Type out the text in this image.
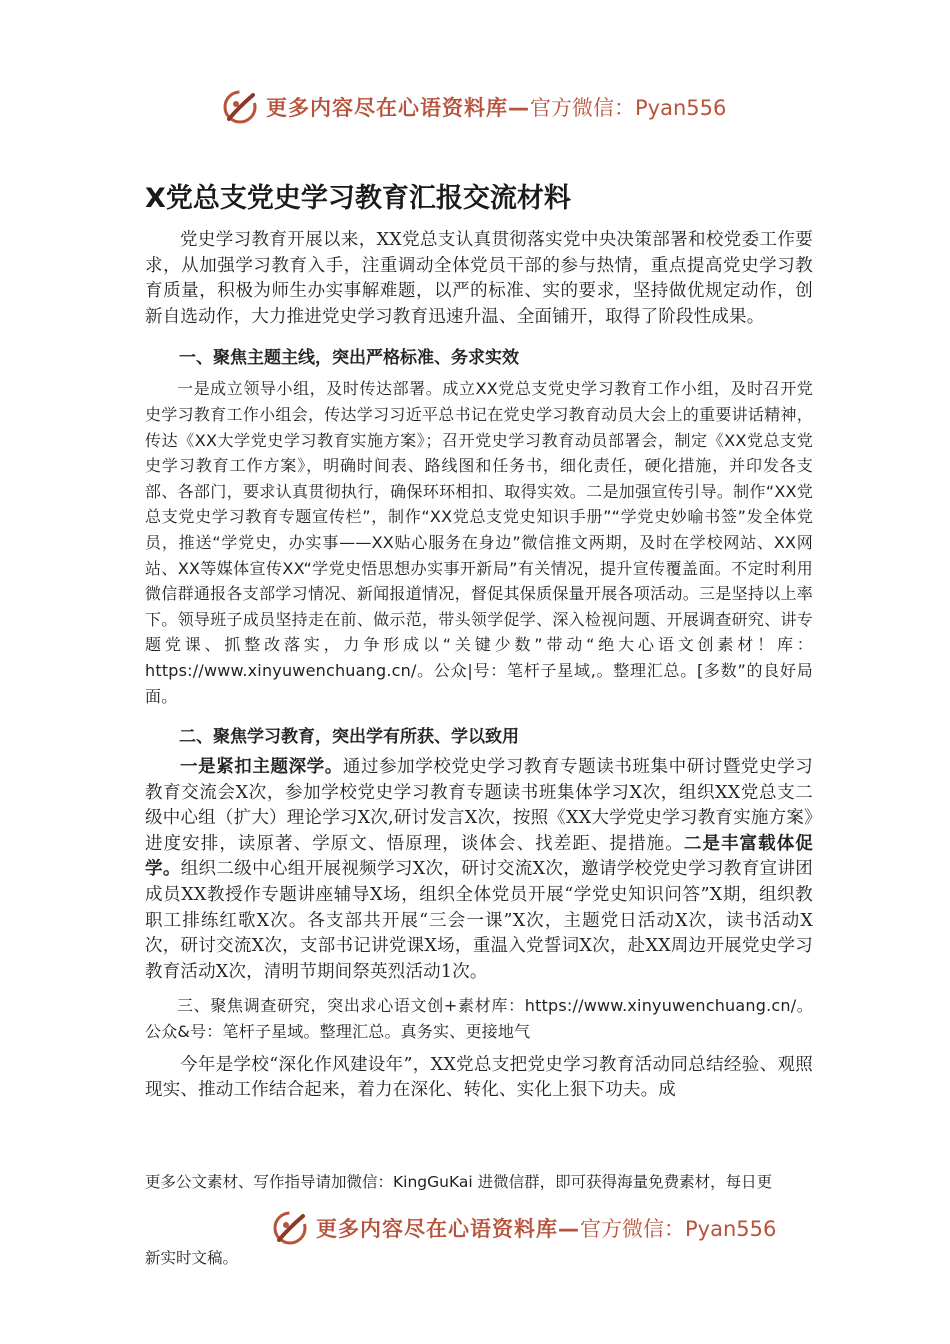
更多内容尽在心语资料库— 官方微信：Pyan556
X党总支党史学习教育汇报交流材料

党史学习教育开展以来，XX党总支认真贯彻落实党中央决策部署和校党委工作要求，从加强学习教育入手，注重调动全体党员干部的参与热情，重点提高党史学习教育质量，积极为师生办实事解难题，以严的标准、实的要求，坚持做优规定动作，创新自选动作，大力推进党史学习教育迅速升温、全面铺开，取得了阶段性成果。

一、聚焦主题主线，突出严格标准、务求实效

一是成立领导小组，及时传达部署。成立XX党总支党史学习教育工作小组，及时召开党史学习教育工作小组会，传达学习习近平总书记在党史学习教育动员大会上的重要讲话精神，传达《XX大学党史学习教育实施方案》；召开党史学习教育动员部署会，制定《XX党总支党史学习教育工作方案》，明确时间表、路线图和任务书，细化责任，硬化措施，并印发各支部、各部门，要求认真贯彻执行，确保环环相扣、取得实效。二是加强宣传引导。制作“XX党总支党史学习教育专题宣传栏”，制作“XX党总支党史知识手册”“学党史妙喻书签”发全体党员，推送“学党史，办实事——XX贴心服务在身边”微信推文两期，及时在学校网站、XX网站、XX等媒体宣传XX“学党史悟思想办实事开新局”有关情况，提升宣传覆盖面。不定时利用微信群通报各支部学习情况、新闻报道情况，督促其保质保量开展各项活动。三是坚持以上率下。领导班子成员坚持走在前、做示范，带头领学促学、深入检视问题、开展调查研究、讲专题党课、抓整改落实，力争形成以“关键少数”带动“绝大心语文创素材！库：https://www.xinyuwenchuang.cn/。公众|号：笔杆子星域,。整理汇总。[多数”的良好局面。

二、聚焦学习教育，突出学有所获、学以致用

一是紧扣主题深学。通过参加学校党史学习教育专题读书班集中研讨暨党史学习教育交流会X次，参加学校党史学习教育专题读书班集体学习X次，组织XX党总支二级中心组（扩大）理论学习X次,研讨发言X次，按照《XX大学党史学习教育实施方案》进度安排，读原著、学原文、悟原理，谈体会、找差距、提措施。二是丰富载体促学。组织二级中心组开展视频学习X次，研讨交流X次，邀请学校党史学习教育宣讲团成员XX教授作专题讲座辅导X场，组织全体党员开展“学党史知识问答”X期，组织教职工排练红歌X次。各支部共开展“三会一课”X次，主题党日活动X次，读书活动X次，研讨交流X次，支部书记讲党课X场，重温入党誓词X次，赴XX周边开展党史学习教育活动X次，清明节期间祭英烈活动1次。

三、聚焦调查研究，突出求心语文创+素材库：https://www.xinyuwenchuang.cn/。公众&号：笔杆子星域。整理汇总。真务实、更接地气

今年是学校“深化作风建设年”，XX党总支把党史学习教育活动同总结经验、观照现实、推动工作结合起来，着力在深化、转化、实化上狠下功夫。成

更多公文素材、写作指导请加微信：KingGuKai 进微信群，即可获得海量免费素材，每日更
更多内容尽在心语资料库— 官方微信：Pyan556
新实时文稿。
